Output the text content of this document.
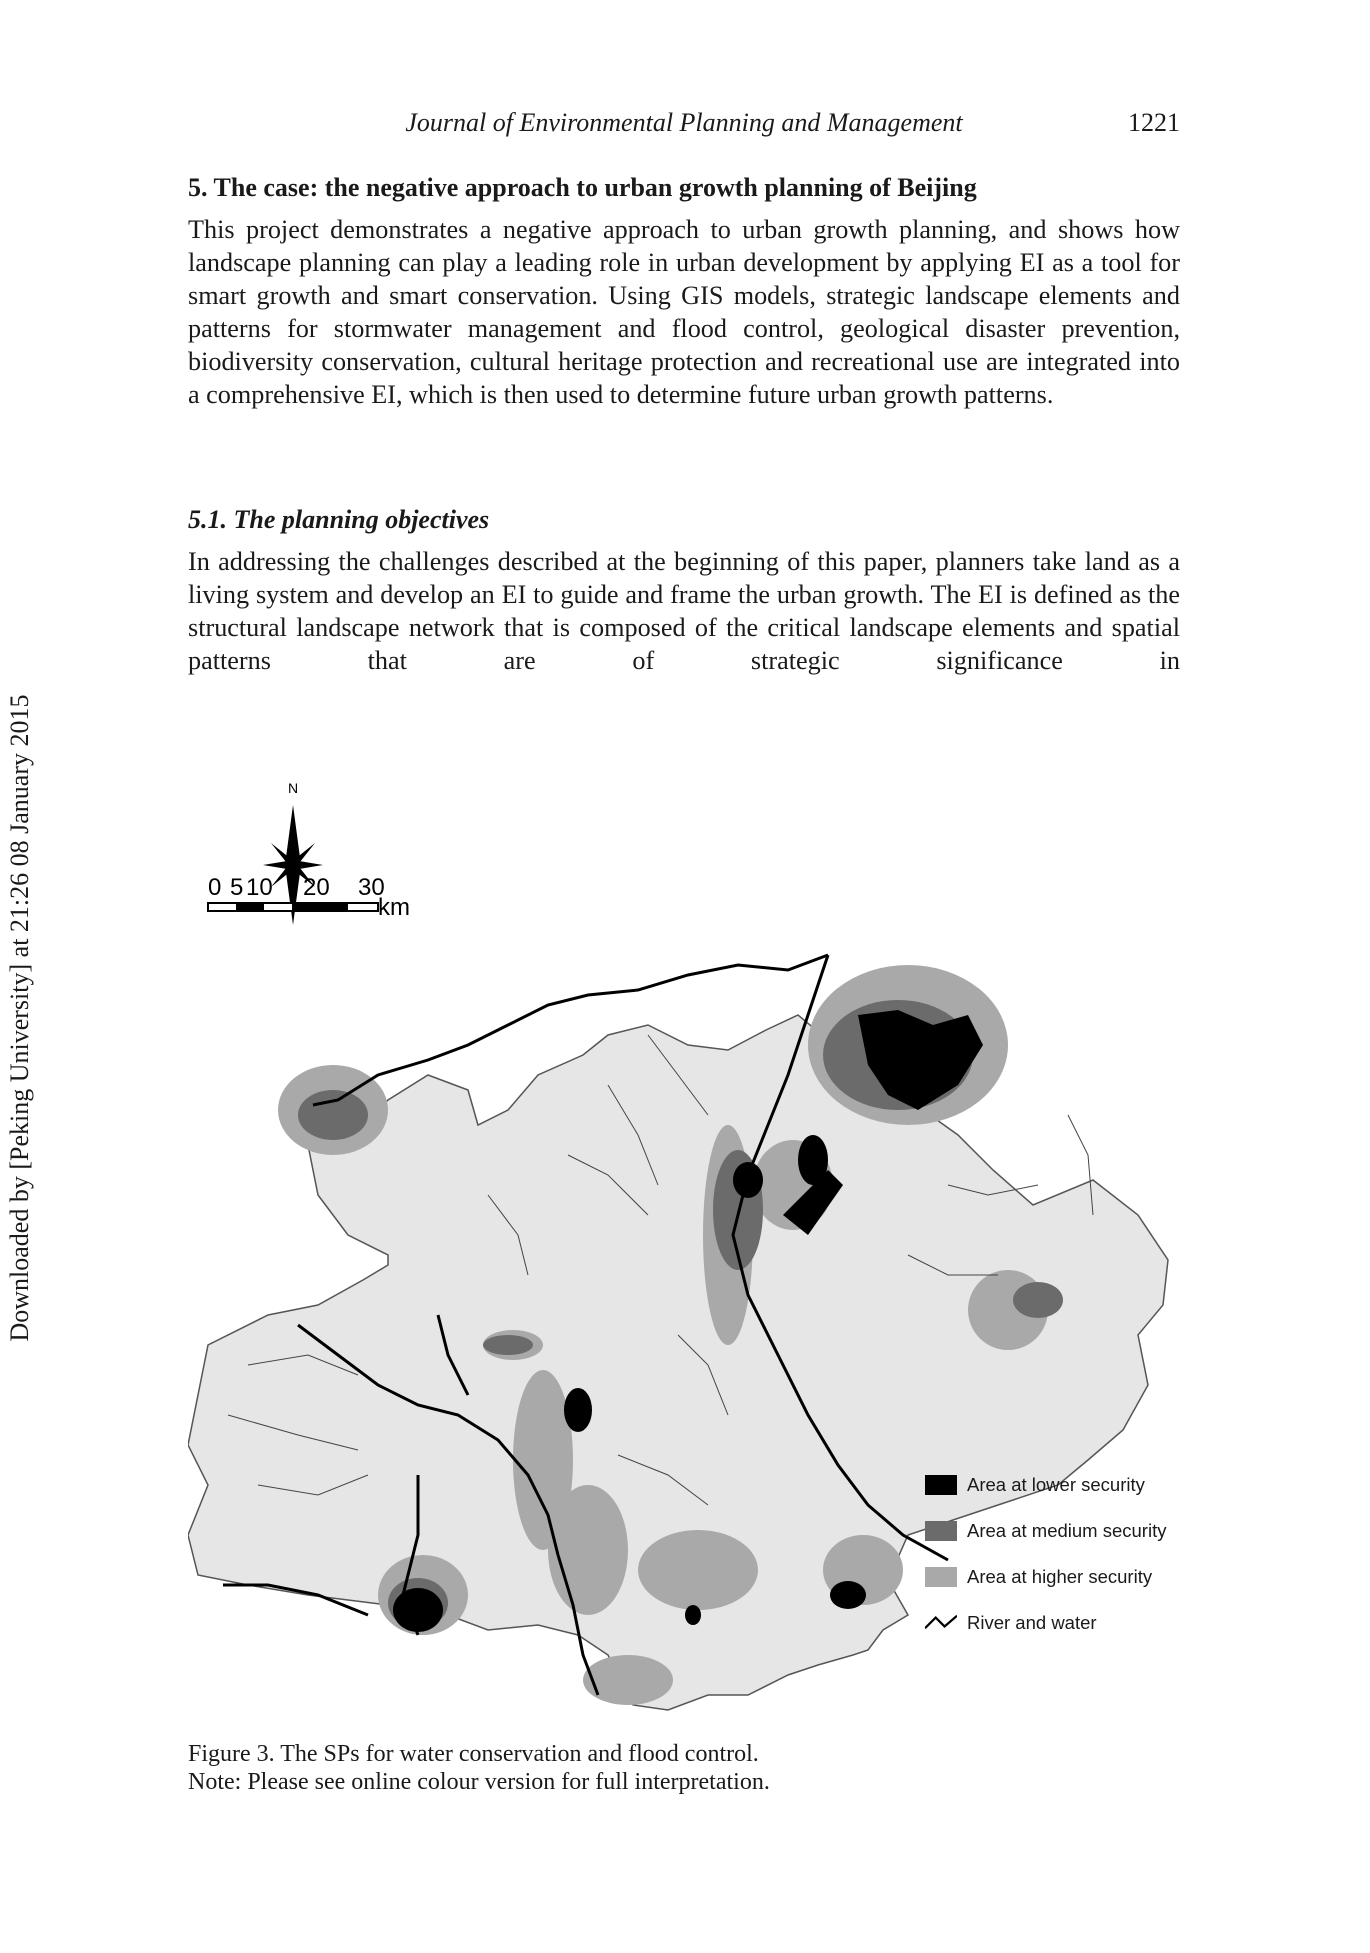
Journal of Environmental Planning and Management	1221
Downloaded by [Peking University] at 21:26 08 January 2015
5. The case: the negative approach to urban growth planning of Beijing

This project demonstrates a negative approach to urban growth planning, and shows how landscape planning can play a leading role in urban development by applying EI as a tool for smart growth and smart conservation. Using GIS models, strategic landscape elements and patterns for stormwater management and flood control, geological disaster prevention, biodiversity conservation, cultural heritage protection and recreational use are integrated into a comprehensive EI, which is then used to determine future urban growth patterns.

5.1. The planning objectives

In addressing the challenges described at the beginning of this paper, planners take land as a living system and develop an EI to guide and frame the urban growth. The EI is defined as the structural landscape network that is composed of the critical landscape elements and spatial patterns that are of strategic significance in

N
0 5 10 20 30
km
Area at lower security
Area at medium security
Area at higher security
River and water
Figure 3. The SPs for water conservation and flood control.
Note: Please see online colour version for full interpretation.
